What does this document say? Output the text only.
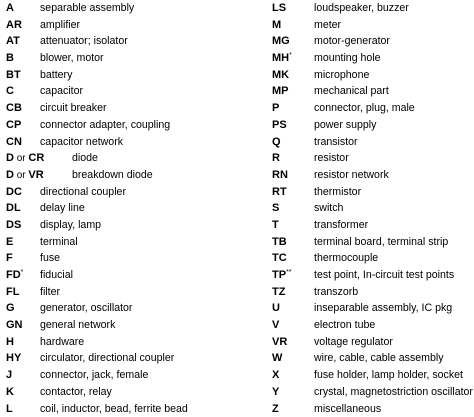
A separable assembly
AR amplifier
AT attenuator; isolator
B blower, motor
BT battery
C capacitor
CB circuit breaker
CP connector adapter, coupling
CN capacitor network
D or CR	diode
D or VR	breakdown diode
DC directional coupler
DL delay line
DS display, lamp
E	terminal
F	fuse
FD* fiducial
FL filter
G generator, oscillator
GN general network
H hardware
HY circulator, directional coupler
J	connector, jack, female
K contactor, relay
L	coil, inductor, bead, ferrite bead
LS	loudspeaker, buzzer
M	meter
MG motor-generator
MH* mounting hole
MK microphone
MP mechanical part
P	connector, plug, male
PS	power supply
Q	transistor
R	resistor
RN resistor network
RT	thermistor
S	switch
T	transformer
TB	terminal board, terminal strip
TC	thermocouple
TP** test point, In-circuit test points
TZ	transzorb
U	inseparable assembly, IC pkg
V	electron tube
VR	voltage regulator
W	wire, cable, cable assembly
X	fuse holder, lamp holder, socket
Y	crystal, magnetostriction oscillator
Z	miscellaneous
